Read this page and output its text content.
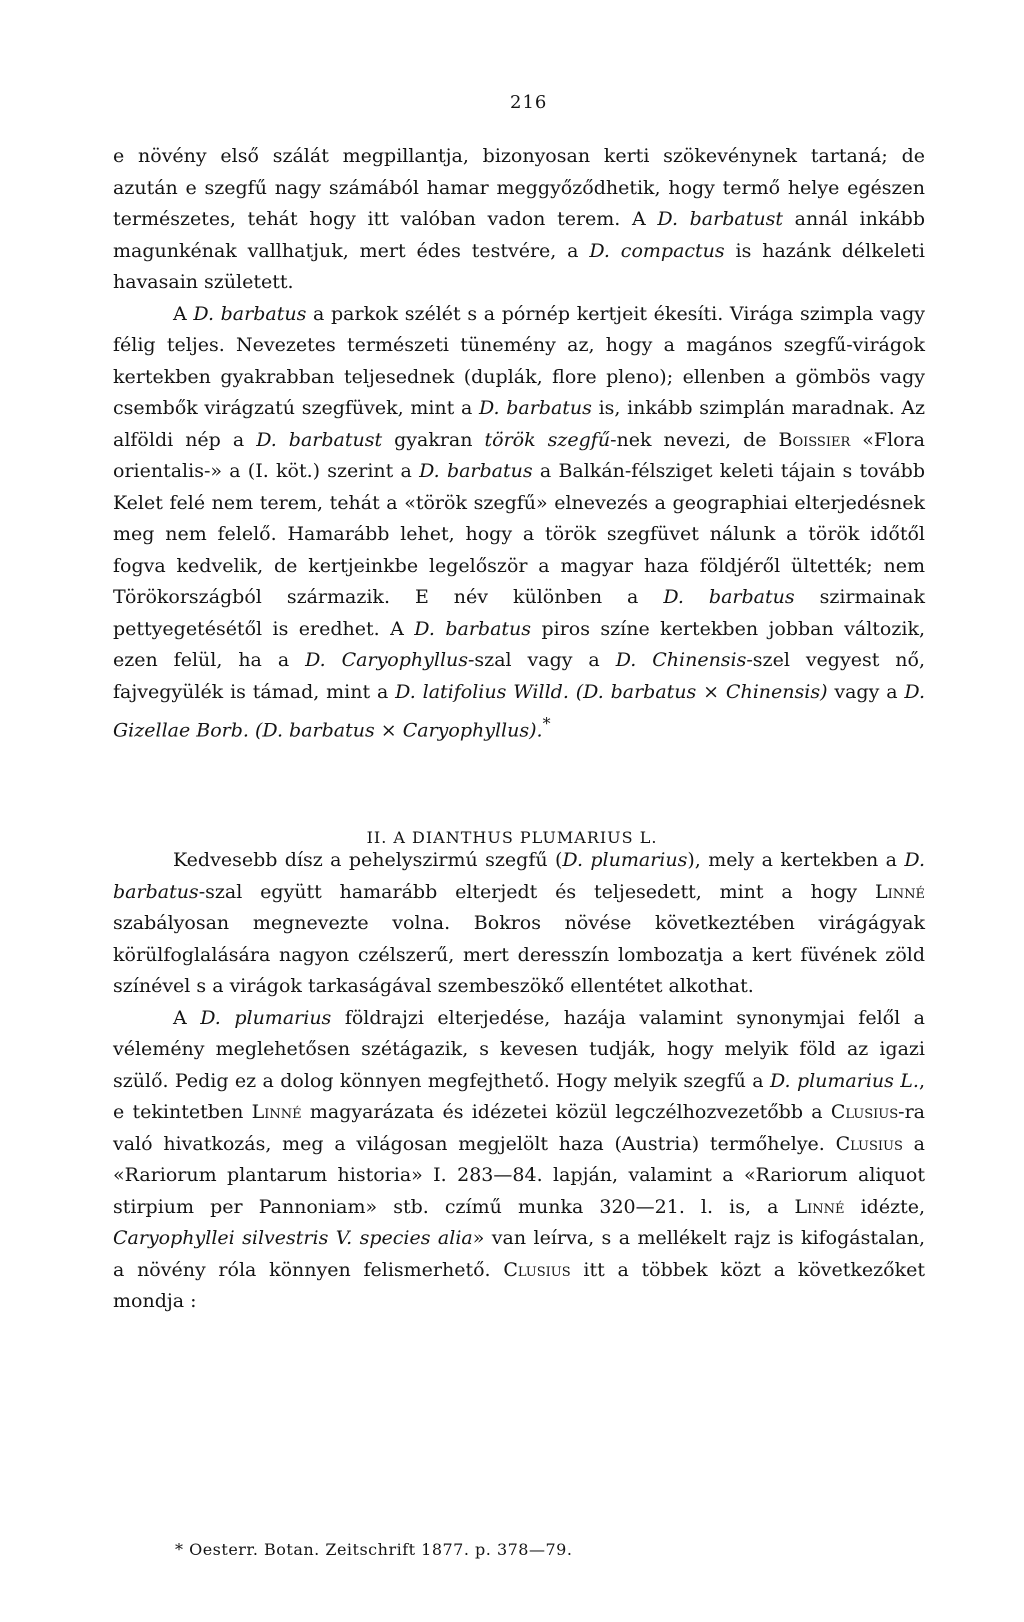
216

e növény első szálát megpillantja, bizonyosan kerti szökevénynek tartaná; de azután e szegfű nagy számából hamar meggyőződhetik, hogy termő helye egészen természetes, tehát hogy itt valóban vadon terem. A D. barbatust annál inkább magunkénak vallhatjuk, mert édes testvére, a D. compactus is hazánk délkeleti havasain született.

A D. barbatus a parkok szélét s a pórnép kertjeit ékesíti. Virága szimpla vagy félig teljes. Nevezetes természeti tünemény az, hogy a magános szegfű-virágok kertekben gyakrabban teljesednek (duplák, flore pleno); ellenben a gömbös vagy csembők virágzatú szegfüvek, mint a D. barbatus is, inkább szimplán maradnak. Az alföldi nép a D. barbatust gyakran török szegfű-nek nevezi, de Boissier «Flora orientalis-» a (I. köt.) szerint a D. barbatus a Balkán-félsziget keleti tájain s tovább Kelet felé nem terem, tehát a «török szegfű» elnevezés a geographiai elterjedésnek meg nem felelő. Hamarább lehet, hogy a török szegfüvet nálunk a török időtől fogva kedvelik, de kertjeinkbe legelőször a magyar haza földjéről ültették; nem Törökországból származik. E név különben a D. barbatus szirmainak pettyegetésétől is eredhet. A D. barbatus piros színe kertekben jobban változik, ezen felül, ha a D. Caryophyllus-szal vagy a D. Chinensis-szel vegyest nő, fajvegyülék is támad, mint a D. latifolius Willd. (D. barbatus × Chinensis) vagy a D. Gizellae Borb. (D. barbatus × Caryophyllus).*

II. A DIANTHUS PLUMARIUS L.

Kedvesebb dísz a pehelyszirmú szegfű (D. plumarius), mely a kertekben a D. barbatus-szal együtt hamarább elterjedt és teljesedett, mint a hogy Linné szabályosan megnevezte volna. Bokros növése következtében virágágyak körülfoglalására nagyon czélszerű, mert deresszín lombozatja a kert füvének zöld színével s a virágok tarkaságával szembeszökő ellentétet alkothat.

A D. plumarius földrajzi elterjedése, hazája valamint synonymjai felől a vélemény meglehetősen szétágazik, s kevesen tudják, hogy melyik föld az igazi szülő. Pedig ez a dolog könnyen megfejthető. Hogy melyik szegfű a D. plumarius L., e tekintetben Linné magyarázata és idézetei közül legczélhozvezetőbb a Clusius-ra való hivatkozás, meg a világosan megjelölt haza (Austria) termőhelye. Clusius a «Rariorum plantarum historia» I. 283—84. lapján, valamint a «Rariorum aliquot stirpium per Pannoniam» stb. czímű munka 320—21. l. is, a Linné idézte, Caryophyllei silvestris V. species alia» van leírva, s a mellékelt rajz is kifogástalan, a növény róla könnyen felismerhető. Clusius itt a többek közt a következőket mondja :

* Oesterr. Botan. Zeitschrift 1877. p. 378—79.
